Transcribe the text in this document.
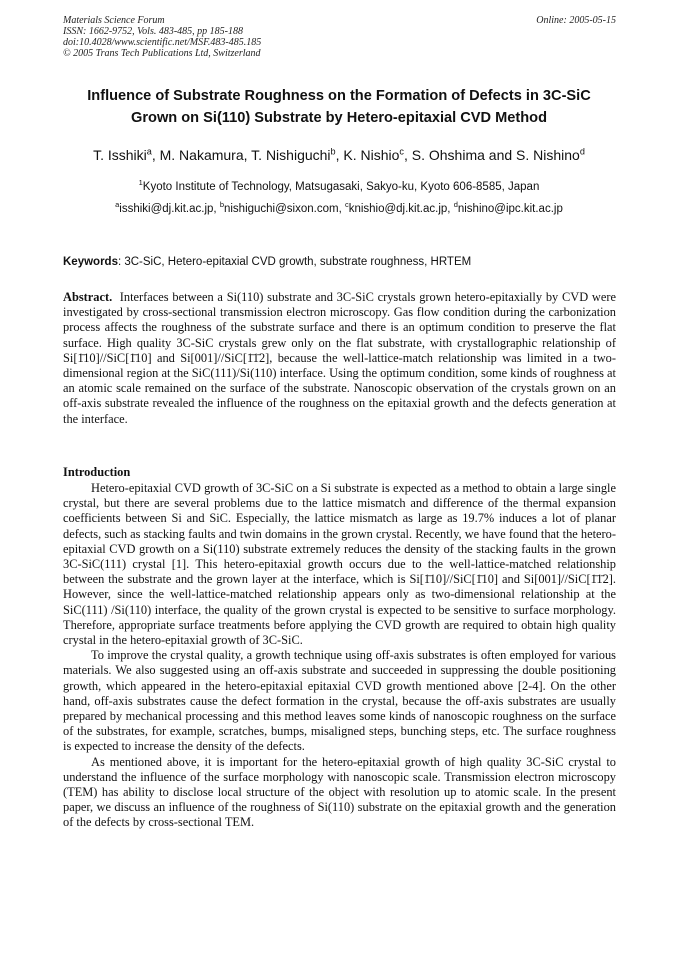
Materials Science Forum
ISSN: 1662-9752, Vols. 483-485, pp 185-188
doi:10.4028/www.scientific.net/MSF.483-485.185
© 2005 Trans Tech Publications Ltd, Switzerland
Online: 2005-05-15
Influence of Substrate Roughness on the Formation of Defects in 3C-SiC
Grown on Si(110) Substrate by Hetero-epitaxial CVD Method
T. Isshiki$^a$, M. Nakamura, T. Nishiguchi$^b$, K. Nishio$^c$, S. Ohshima and S. Nishino$^d$
$^1$Kyoto Institute of Technology, Matsugasaki, Sakyo-ku, Kyoto 606-8585, Japan
$^a$isshiki@dj.kit.ac.jp, $^b$nishiguchi@sixon.com, $^c$knishio@dj.kit.ac.jp, $^d$nishino@ipc.kit.ac.jp
Keywords: 3C-SiC, Hetero-epitaxial CVD growth, substrate roughness, HRTEM
Abstract. Interfaces between a Si(110) substrate and 3C-SiC crystals grown hetero-epitaxially by CVD were investigated by cross-sectional transmission electron microscopy. Gas flow condition during the carbonization process affects the roughness of the substrate surface and there is an optimum condition to preserve the flat surface. High quality 3C-SiC crystals grew only on the flat substrate, with crystallographic relationship of Si[1̄10]//SiC[1̄10] and Si[001]//SiC[1̄1̄2], because the well-lattice-match relationship was limited in a two-dimensional region at the SiC(111)/Si(110) interface. Using the optimum condition, some kinds of roughness at an atomic scale remained on the surface of the substrate. Nanoscopic observation of the crystals grown on an off-axis substrate revealed the influence of the roughness on the epitaxial growth and the defects generation at the interface.
Introduction

Hetero-epitaxial CVD growth of 3C-SiC on a Si substrate is expected as a method to obtain a large single crystal, but there are several problems due to the lattice mismatch and difference of the thermal expansion coefficients between Si and SiC. Especially, the lattice mismatch as large as 19.7% induces a lot of planar defects, such as stacking faults and twin domains in the grown crystal. Recently, we have found that the hetero-epitaxial CVD growth on a Si(110) substrate extremely reduces the density of the stacking faults in the grown 3C-SiC(111) crystal [1]. This hetero-epitaxial growth occurs due to the well-lattice-matched relationship between the substrate and the grown layer at the interface, which is Si[1̄10]//SiC[1̄10] and Si[001]//SiC[1̄1̄2]. However, since the well-lattice-matched relationship appears only as two-dimensional relationship at the SiC(111) /Si(110) interface, the quality of the grown crystal is expected to be sensitive to surface morphology. Therefore, appropriate surface treatments before applying the CVD growth are required to obtain high quality crystal in the hetero-epitaxial growth of 3C-SiC.

To improve the crystal quality, a growth technique using off-axis substrates is often employed for various materials. We also suggested using an off-axis substrate and succeeded in suppressing the double positioning growth, which appeared in the hetero-epitaxial epitaxial CVD growth mentioned above [2-4]. On the other hand, off-axis substrates cause the defect formation in the crystal, because the off-axis substrates are usually prepared by mechanical processing and this method leaves some kinds of nanoscopic roughness on the surface of the substrates, for example, scratches, bumps, misaligned steps, bunching steps, etc. The surface roughness is expected to increase the density of the defects.

As mentioned above, it is important for the hetero-epitaxial growth of high quality 3C-SiC crystal to understand the influence of the surface morphology with nanoscopic scale. Transmission electron microscopy (TEM) has ability to disclose local structure of the object with resolution up to atomic scale. In the present paper, we discuss an influence of the roughness of Si(110) substrate on the epitaxial growth and the generation of the defects by cross-sectional TEM.
